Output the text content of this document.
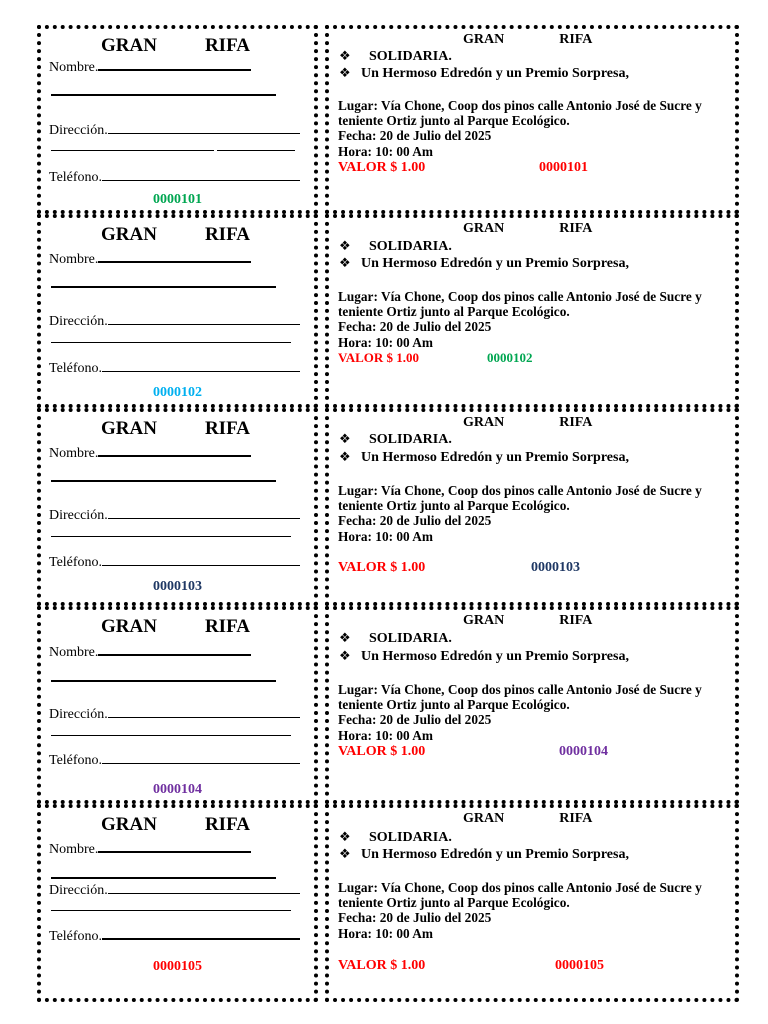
GRAN	RIFA
Nombre.
Dirección.
Teléfono.
0000101
GRAN	RIFA
❖ SOLIDARIA.
❖ Un Hermoso Edredón y un Premio Sorpresa,
Lugar: Vía Chone, Coop dos pinos calle Antonio José de Sucre y teniente Ortiz junto al Parque Ecológico.
Fecha: 20 de Julio del 2025
Hora: 10: 00 Am
VALOR $ 1.00	0000101
GRAN	RIFA
Nombre.
Dirección.
Teléfono.
0000102
GRAN	RIFA
❖ SOLIDARIA.
❖ Un Hermoso Edredón y un Premio Sorpresa,
Lugar: Vía Chone, Coop dos pinos calle Antonio José de Sucre y teniente Ortiz junto al Parque Ecológico.
Fecha: 20 de Julio del 2025
Hora: 10: 00 Am
VALOR $ 1.00	0000102
GRAN	RIFA
Nombre.
Dirección.
Teléfono.
0000103
GRAN	RIFA
❖ SOLIDARIA.
❖ Un Hermoso Edredón y un Premio Sorpresa,
Lugar: Vía Chone, Coop dos pinos calle Antonio José de Sucre y teniente Ortiz junto al Parque Ecológico.
Fecha: 20 de Julio del 2025
Hora: 10: 00 Am
VALOR $ 1.00	0000103
GRAN	RIFA
Nombre.
Dirección.
Teléfono.
0000104
GRAN	RIFA
❖ SOLIDARIA.
❖ Un Hermoso Edredón y un Premio Sorpresa,
Lugar: Vía Chone, Coop dos pinos calle Antonio José de Sucre y teniente Ortiz junto al Parque Ecológico.
Fecha: 20 de Julio del 2025
Hora: 10: 00 Am
VALOR $ 1.00	0000104
GRAN	RIFA
Nombre.
Dirección.
Teléfono.
0000105
GRAN	RIFA
❖ SOLIDARIA.
❖ Un Hermoso Edredón y un Premio Sorpresa,
Lugar: Vía Chone, Coop dos pinos calle Antonio José de Sucre y teniente Ortiz junto al Parque Ecológico.
Fecha: 20 de Julio del 2025
Hora: 10: 00 Am
VALOR $ 1.00	0000105
